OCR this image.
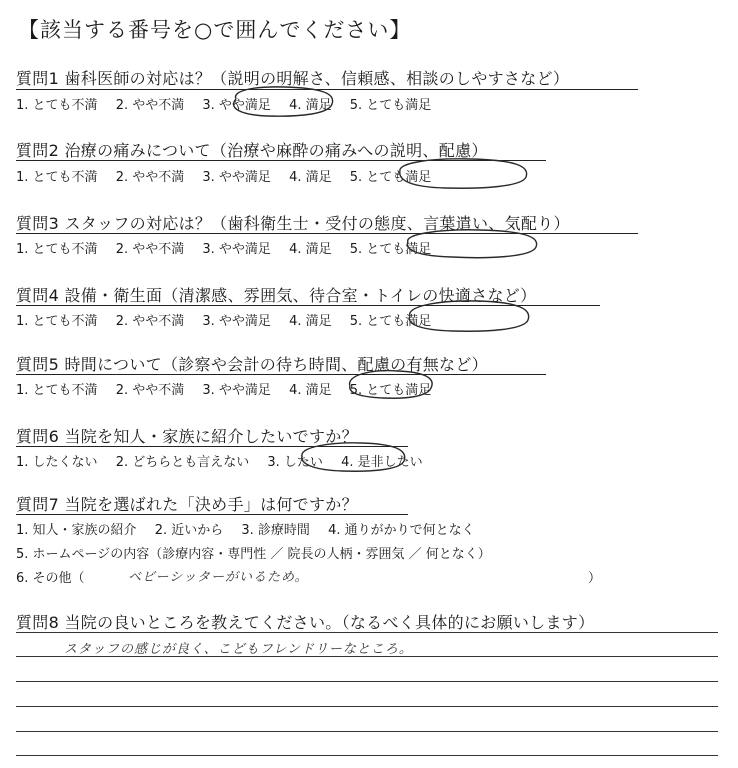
【該当する番号を○で囲んでください】
質問1 歯科医師の対応は？（説明の明解さ、信頼感、相談のしやすさなど）
1. とても不満 2. やや不満 3. やや満足 4. 満足 5. とても満足
質問2 治療の痛みについて（治療や麻酔の痛みへの説明、配慮）
1. とても不満 2. やや不満 3. やや満足 4. 満足 5. とても満足
質問3 スタッフの対応は？（歯科衛生士・受付の態度、言葉遣い、気配り）
1. とても不満 2. やや不満 3. やや満足 4. 満足 5. とても満足
質問4 設備・衛生面（清潔感、雰囲気、待合室・トイレの快適さなど）
1. とても不満 2. やや不満 3. やや満足 4. 満足 5. とても満足
質問5 時間について（診察や会計の待ち時間、配慮の有無など）
1. とても不満 2. やや不満 3. やや満足 4. 満足 5. とても満足
質問6 当院を知人・家族に紹介したいですか？
1. したくない 2. どちらとも言えない 3. したい 4. 是非したい
質問7 当院を選ばれた「決め手」は何ですか？
1. 知人・家族の紹介 2. 近いから 3. 診療時間 4. 通りがかりで何となく
5. ホームページの内容（診療内容・専門性 ／ 院長の人柄・雰囲気 ／ 何となく）
6. その他（	ベビーシッターがいるため。	）
質問8 当院の良いところを教えてください。（なるべく具体的にお願いします）
スタッフの感じが良く、こどもフレンドリーなところ。
